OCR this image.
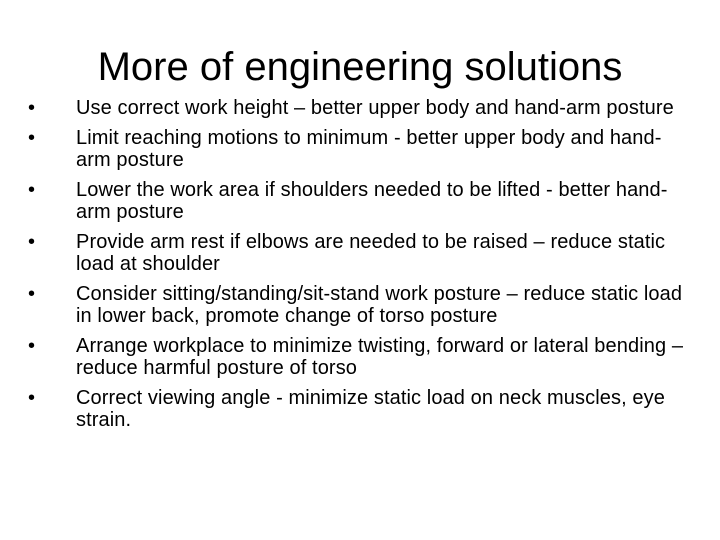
More of engineering solutions
•	Use correct work height – better upper body and hand-arm posture
•	Limit reaching motions to minimum - better upper body and hand-arm posture
•	Lower the work area if shoulders needed to be lifted - better hand-arm posture
•	Provide arm rest if elbows are needed to be raised – reduce static load at shoulder
•	Consider sitting/standing/sit-stand work posture – reduce static load in lower back, promote change of torso posture
•	Arrange workplace to minimize twisting, forward or lateral bending – reduce harmful posture of torso
•	Correct viewing angle - minimize static load on neck muscles, eye strain.
